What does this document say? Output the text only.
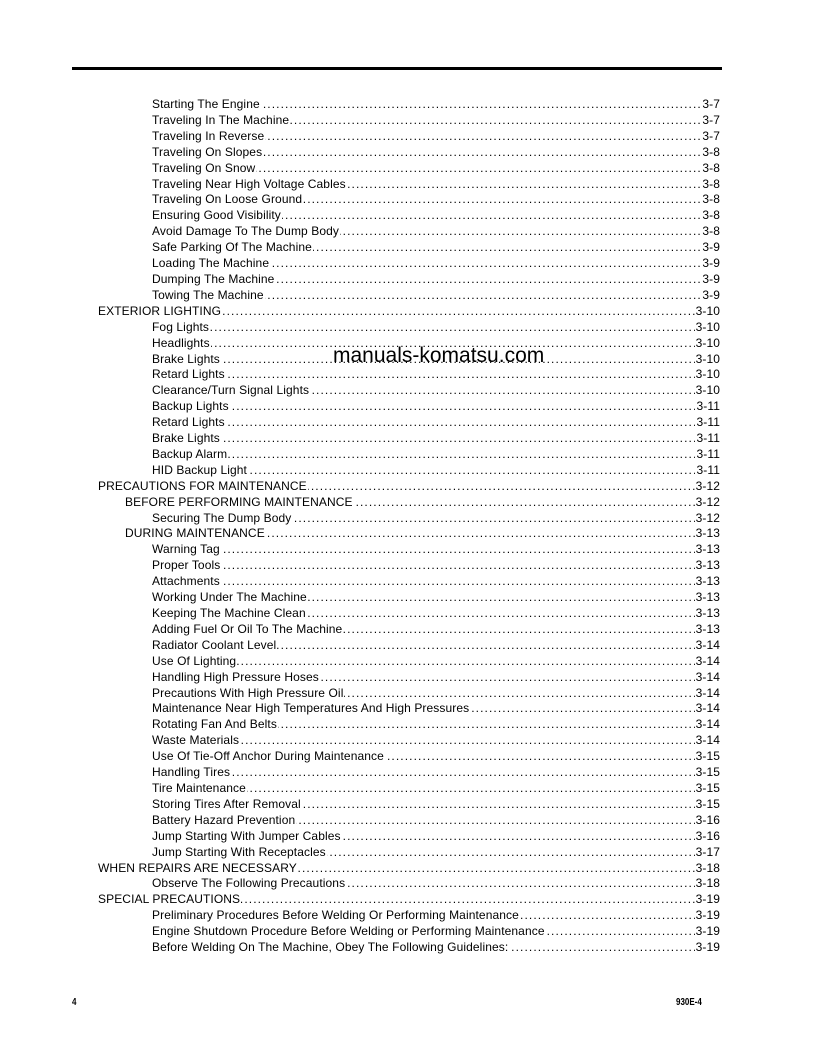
.....
Starting The Engine	3-7
.....
Traveling In The Machine	3-7
.....
Traveling In Reverse	3-7
.....
Traveling On Slopes	3-8
.....
Traveling On Snow	3-8
.....
Traveling Near High Voltage Cables	3-8
.....
Traveling On Loose Ground	3-8
.....
Ensuring Good Visibility	3-8
.....
Avoid Damage To The Dump Body	3-8
.....
Safe Parking Of The Machine	3-9
.....
Loading The Machine	3-9
.....
Dumping The Machine	3-9
.....
Towing The Machine	3-9
.....
EXTERIOR LIGHTING	3-10
.....
Fog Lights	3-10
.....
Headlights	3-10
.....
Brake Lights	3-10
.....
Retard Lights	3-10
.....
Clearance/Turn Signal Lights	3-10
.....
Backup Lights	3-11
.....
Retard Lights	3-11
.....
Brake Lights	3-11
.....
Backup Alarm	3-11
.....
HID Backup Light	3-11
.....
PRECAUTIONS FOR MAINTENANCE	3-12
.....
BEFORE PERFORMING MAINTENANCE	3-12
.....
Securing The Dump Body	3-12
.....
DURING MAINTENANCE	3-13
.....
Warning Tag	3-13
.....
Proper Tools	3-13
.....
Attachments	3-13
.....
Working Under The Machine	3-13
.....
Keeping The Machine Clean	3-13
.....
Adding Fuel Or Oil To The Machine	3-13
.....
Radiator Coolant Level	3-14
.....
Use Of Lighting	3-14
.....
Handling High Pressure Hoses	3-14
.....
Precautions With High Pressure Oil	3-14
.....
Maintenance Near High Temperatures And High Pressures	3-14
.....
Rotating Fan And Belts	3-14
.....
Waste Materials	3-14
.....
Use Of Tie-Off Anchor During Maintenance	3-15
.....
Handling Tires	3-15
.....
Tire Maintenance	3-15
.....
Storing Tires After Removal	3-15
.....
Battery Hazard Prevention	3-16
.....
Jump Starting With Jumper Cables	3-16
.....
Jump Starting With Receptacles	3-17
.....
WHEN REPAIRS ARE NECESSARY	3-18
.....
Observe The Following Precautions	3-18
.....
SPECIAL PRECAUTIONS	3-19
.....
Preliminary Procedures Before Welding Or Performing Maintenance	3-19
.....
Engine Shutdown Procedure Before Welding or Performing Maintenance	3-19
.....
Before Welding On The Machine, Obey The Following Guidelines:	3-19
manuals-komatsu.com
4	930E-4
